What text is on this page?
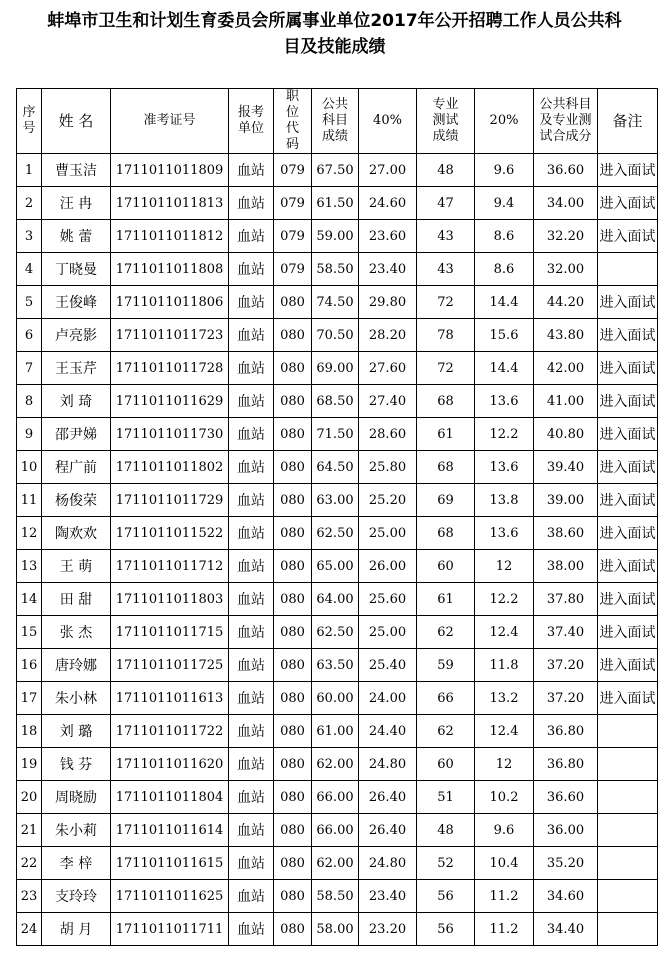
蚌埠市卫生和计划生育委员会所属事业单位2017年公开招聘工作人员公共科
目及技能成绩
序号	姓 名	准考证号	报考单位	职位代码	公共科目成绩	40%	专业测试成绩	20%	公共科目及专业测试合成分	备注
1	曹玉洁	1711011011809	血站	079	67.50	27.00	48	9.6	36.60	进入面试
2	汪 冉	1711011011813	血站	079	61.50	24.60	47	9.4	34.00	进入面试
3	姚 蕾	1711011011812	血站	079	59.00	23.60	43	8.6	32.20	进入面试
4	丁晓曼	1711011011808	血站	079	58.50	23.40	43	8.6	32.00	
5	王俊峰	1711011011806	血站	080	74.50	29.80	72	14.4	44.20	进入面试
6	卢亮影	1711011011723	血站	080	70.50	28.20	78	15.6	43.80	进入面试
7	王玉芹	1711011011728	血站	080	69.00	27.60	72	14.4	42.00	进入面试
8	刘 琦	1711011011629	血站	080	68.50	27.40	68	13.6	41.00	进入面试
9	邵尹娣	1711011011730	血站	080	71.50	28.60	61	12.2	40.80	进入面试
10	程广前	1711011011802	血站	080	64.50	25.80	68	13.6	39.40	进入面试
11	杨俊荣	1711011011729	血站	080	63.00	25.20	69	13.8	39.00	进入面试
12	陶欢欢	1711011011522	血站	080	62.50	25.00	68	13.6	38.60	进入面试
13	王 萌	1711011011712	血站	080	65.00	26.00	60	12	38.00	进入面试
14	田 甜	1711011011803	血站	080	64.00	25.60	61	12.2	37.80	进入面试
15	张 杰	1711011011715	血站	080	62.50	25.00	62	12.4	37.40	进入面试
16	唐玲娜	1711011011725	血站	080	63.50	25.40	59	11.8	37.20	进入面试
17	朱小林	1711011011613	血站	080	60.00	24.00	66	13.2	37.20	进入面试
18	刘 璐	1711011011722	血站	080	61.00	24.40	62	12.4	36.80	
19	钱 芬	1711011011620	血站	080	62.00	24.80	60	12	36.80	
20	周晓励	1711011011804	血站	080	66.00	26.40	51	10.2	36.60	
21	朱小莉	1711011011614	血站	080	66.00	26.40	48	9.6	36.00	
22	李 梓	1711011011615	血站	080	62.00	24.80	52	10.4	35.20	
23	支玲玲	1711011011625	血站	080	58.50	23.40	56	11.2	34.60	
24	胡 月	1711011011711	血站	080	58.00	23.20	56	11.2	34.40	
